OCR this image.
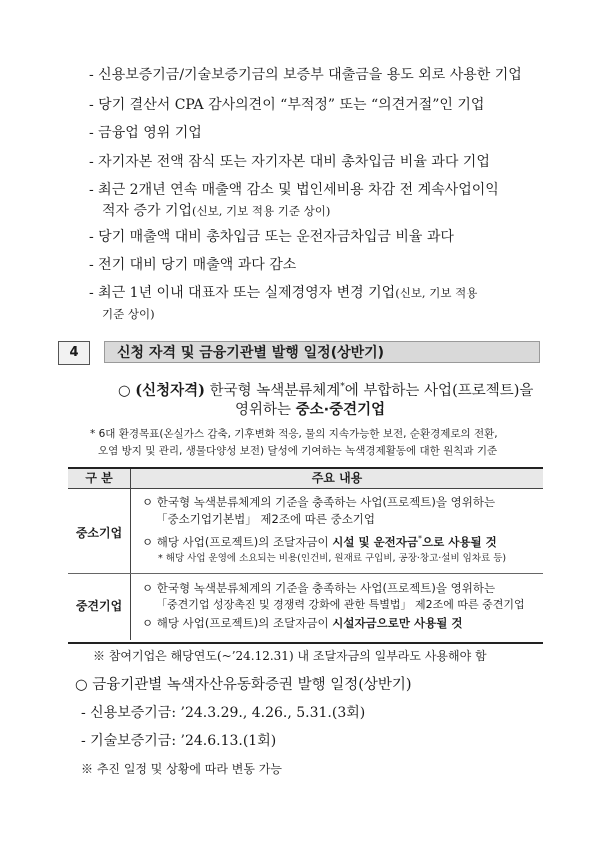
- 신용보증기금/기술보증기금의 보증부 대출금을 용도 외로 사용한 기업
- 당기 결산서 CPA 감사의견이 “부적정” 또는 “의견거절”인 기업
- 금융업 영위 기업
- 자기자본 전액 잠식 또는 자기자본 대비 총차입금 비율 과다 기업
- 최근 2개년 연속 매출액 감소 및 법인세비용 차감 전 계속사업이익
적자 증가 기업(신보, 기보 적용 기준 상이)
- 당기 매출액 대비 총차입금 또는 운전자금차입금 비율 과다
- 전기 대비 당기 매출액 과다 감소
- 최근 1년 이내 대표자 또는 실제경영자 변경 기업(신보, 기보 적용
기준 상이)
4	신청 자격 및 금융기관별 발행 일정(상반기)
○ (신청자격) 한국형 녹색분류체계*에 부합하는 사업(프로젝트)을
영위하는 중소·중견기업
* 6대 환경목표(온실가스 감축, 기후변화 적응, 물의 지속가능한 보전, 순환경제로의 전환,
오염 방지 및 관리, 생물다양성 보전) 달성에 기여하는 녹색경제활동에 대한 원칙과 기준
구 분	주요 내용
중소기업
ㅇ 한국형 녹색분류체계의 기준을 충족하는 사업(프로젝트)을 영위하는
「중소기업기본법」 제2조에 따른 중소기업
ㅇ 해당 사업(프로젝트)의 조달자금이 시설 및 운전자금*으로 사용될 것
* 해당 사업 운영에 소요되는 비용(인건비, 원재료 구입비, 공장·창고·설비 임차료 등)
중견기업
ㅇ 한국형 녹색분류체계의 기준을 충족하는 사업(프로젝트)을 영위하는
「중견기업 성장촉진 및 경쟁력 강화에 관한 특별법」 제2조에 따른 중견기업
ㅇ 해당 사업(프로젝트)의 조달자금이 시설자금으로만 사용될 것
※ 참여기업은 해당연도(~’24.12.31) 내 조달자금의 일부라도 사용해야 함
○ 금융기관별 녹색자산유동화증권 발행 일정(상반기)
- 신용보증기금: ’24.3.29., 4.26., 5.31.(3회)
- 기술보증기금: ’24.6.13.(1회)
※ 추진 일정 및 상황에 따라 변동 가능
